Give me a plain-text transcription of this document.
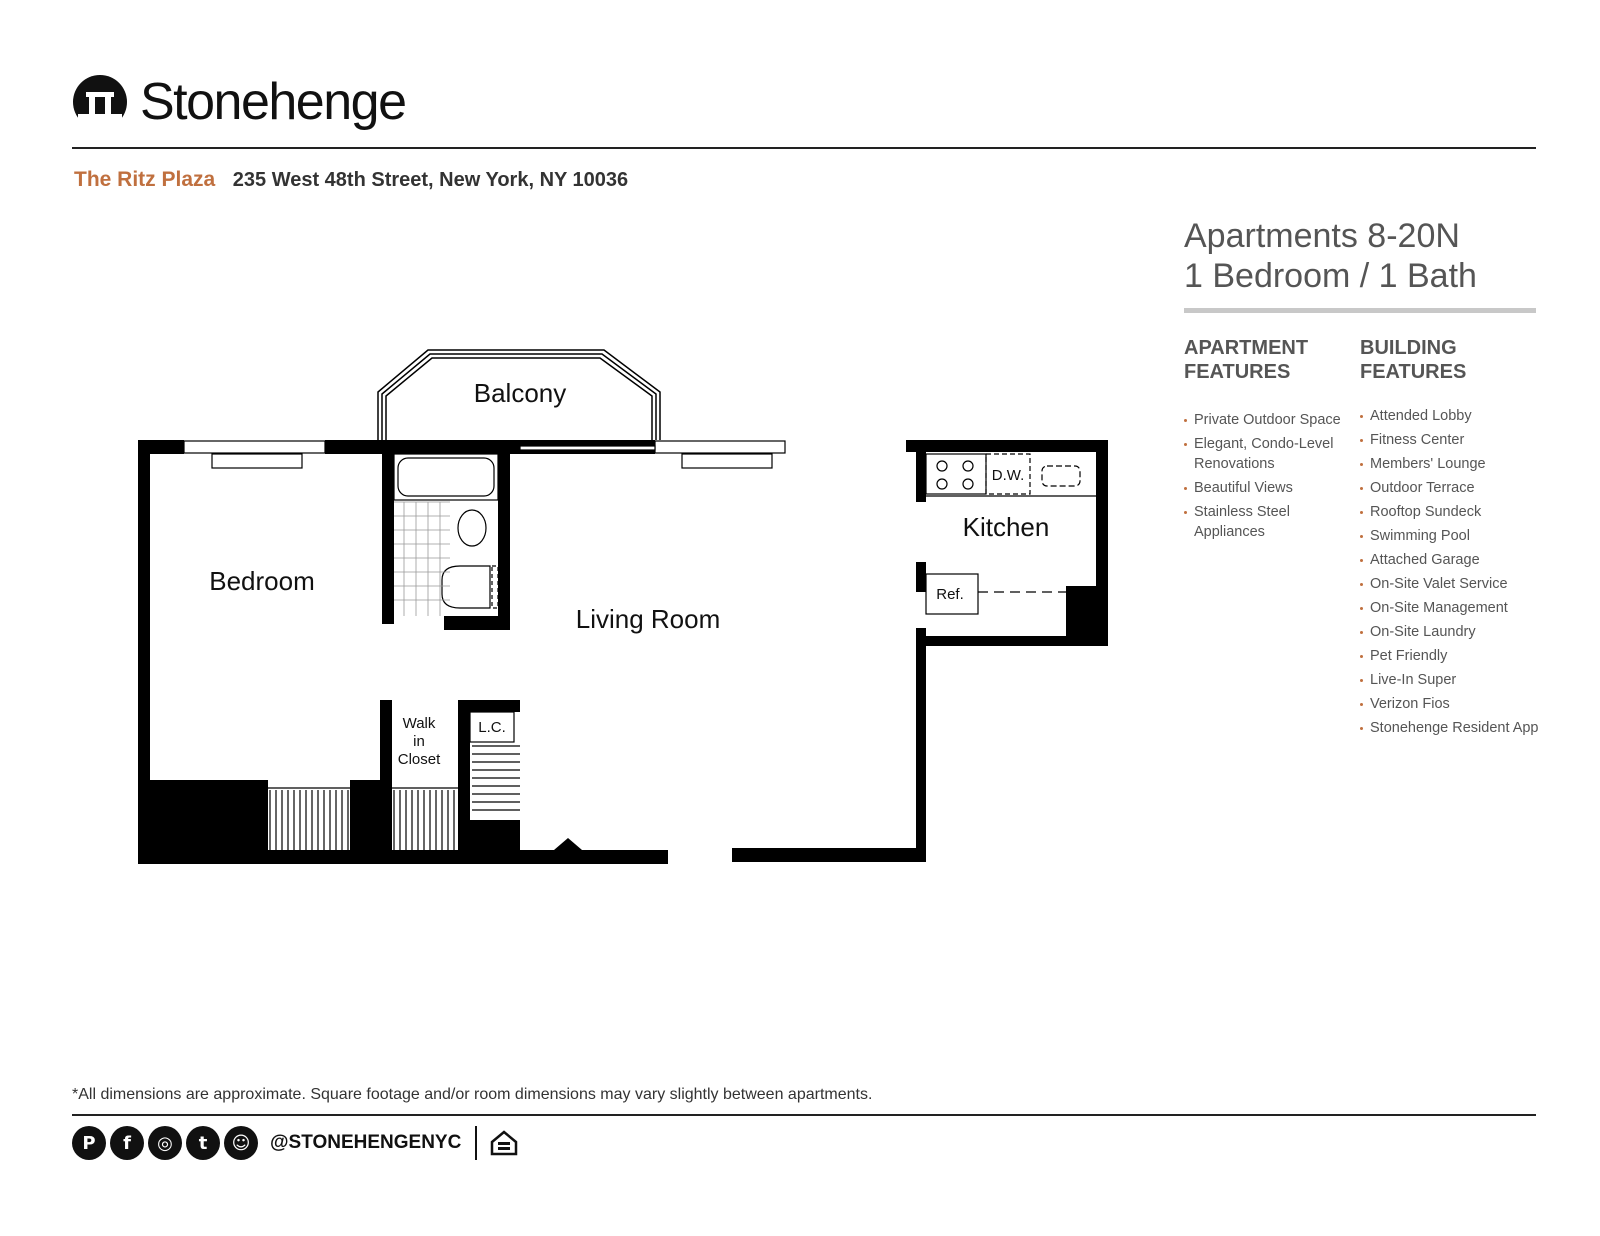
Stonehenge
The Ritz Plaza 235 West 48th Street, New York, NY 10036
Apartments 8-20N
1 Bedroom / 1 Bath
APARTMENT
FEATURES
Private Outdoor Space
Elegant, Condo-Level Renovations
Beautiful Views
Stainless Steel Appliances
BUILDING
FEATURES
Attended Lobby
Fitness Center
Members' Lounge
Outdoor Terrace
Rooftop Sundeck
Swimming Pool
Attached Garage
On-Site Valet Service
On-Site Management
On-Site Laundry
Pet Friendly
Live-In Super
Verizon Fios
Stonehenge Resident App
Balcony
Bedroom
Living Room
Kitchen
D.W.
Ref.
Walk
in
Closet
L.C.
*All dimensions are approximate. Square footage and/or room dimensions may vary slightly between apartments.
P	f	◎	t	☺	@STONEHENGENYC
